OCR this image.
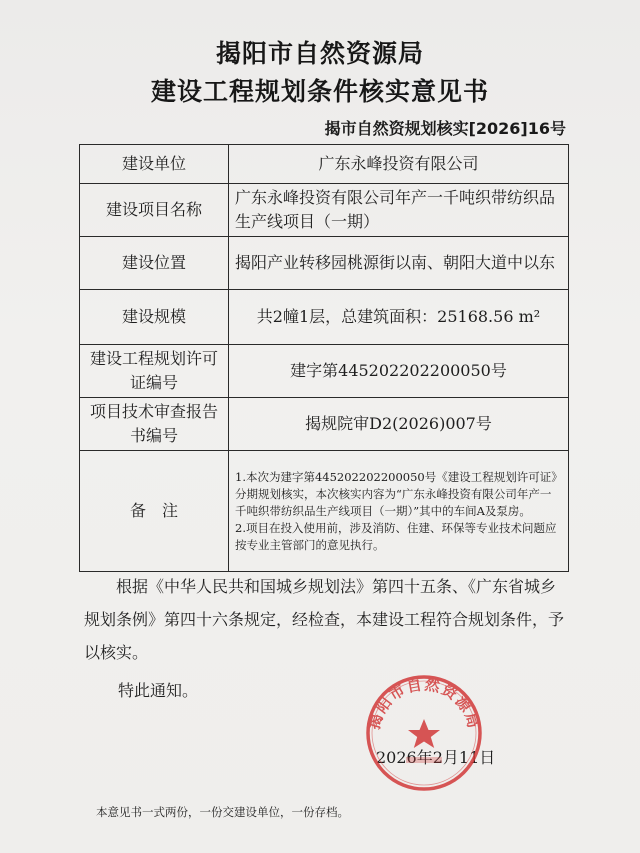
揭阳市自然资源局
建设工程规划条件核实意见书
揭市自然资规划核实[2026]16号
建设单位	广东永峰投资有限公司
建设项目名称	广东永峰投资有限公司年产一千吨织带纺织品生产线项目（一期）
建设位置	揭阳产业转移园桃源街以南、朝阳大道中以东
建设规模	共2幢1层，总建筑面积：25168.56 m²
建设工程规划许可证编号	建字第445202202200050号
项目技术审查报告书编号	揭规院审D2(2026)007号
备　注	1.本次为建字第445202202200050号《建设工程规划许可证》分期规划核实，本次核实内容为“广东永峰投资有限公司年产一千吨织带纺织品生产线项目（一期）”其中的车间A及泵房。
2.项目在投入使用前，涉及消防、住建、环保等专业技术问题应按专业主管部门的意见执行。
根据《中华人民共和国城乡规划法》第四十五条、《广东省城乡规划条例》第四十六条规定，经检查，本建设工程符合规划条件，予以核实。
特此通知。
2026年2月11日
揭阳市自然资源局
本意见书一式两份，一份交建设单位，一份存档。
